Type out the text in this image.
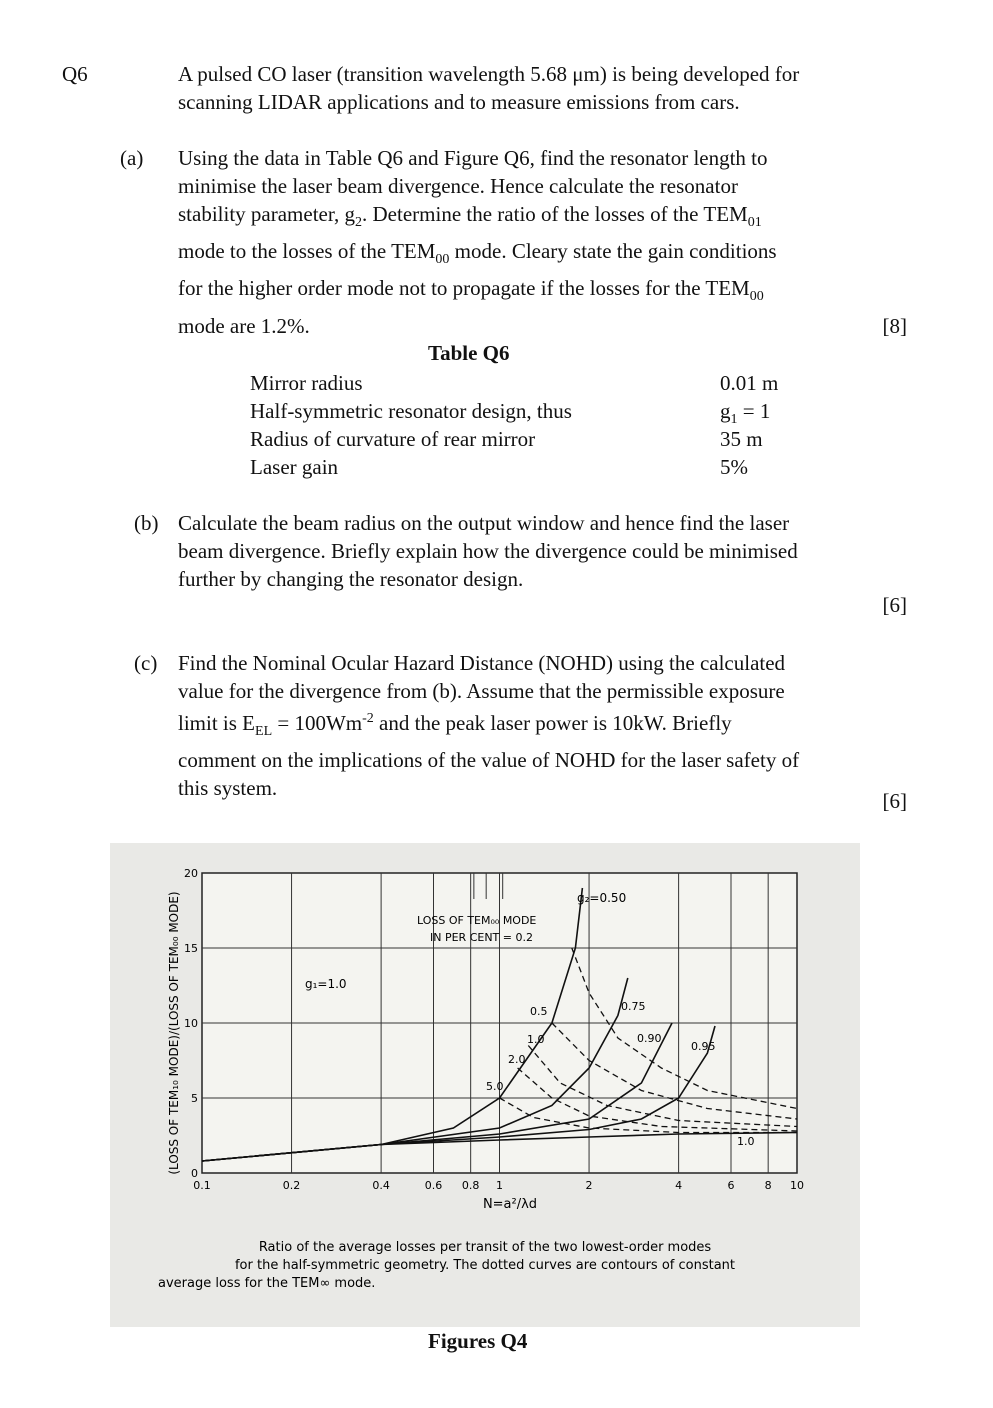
Q6	A pulsed CO laser (transition wavelength 5.68 μm) is being developed for
scanning LIDAR applications and to measure emissions from cars.
(a) Using the data in Table Q6 and Figure Q6, find the resonator length to
minimise the laser beam divergence. Hence calculate the resonator
stability parameter, $g_2$. Determine the ratio of the losses of the $TEM_{01}$
mode to the losses of the $TEM_{00}$ mode. Cleary state the gain conditions
for the higher order mode not to propagate if the losses for the $TEM_{00}$
mode are 1.2%.	[8]
Table Q6
Mirror radius	0.01 m
Half-symmetric resonator design, thus	$g_1 = 1$
Radius of curvature of rear mirror	35 m
Laser gain	5%
(b) Calculate the beam radius on the output window and hence find the laser
beam divergence. Briefly explain how the divergence could be minimised
further by changing the resonator design.
[6]
(c) Find the Nominal Ocular Hazard Distance (NOHD) using the calculated
value for the divergence from (b). Assume that the permissible exposure
limit is $E_{EL} = 100Wm^{-2}$ and the peak laser power is 10kW. Briefly
comment on the implications of the value of NOHD for the laser safety of
this system.
[6]
0.1	0.2	0.4	0.6 0.8 1	2	4	6	8 10
0
5
10
15
20
N=a²/λd
(LOSS OF TEM₁₀ MODE)/(LOSS OF TEM₀₀ MODE)	g₁=1.0
g₂=0.50
LOSS OF TEM₀₀ MODE
IN PER CENT = 0.2
0.75
0.90
0.95
1.0
0.5
1.0
2.0
5.0
Ratio of the average losses per transit of the two lowest-order modes
for the half-symmetric geometry. The dotted curves are contours of constant
average loss for the TEM∞ mode.
Figures Q4
